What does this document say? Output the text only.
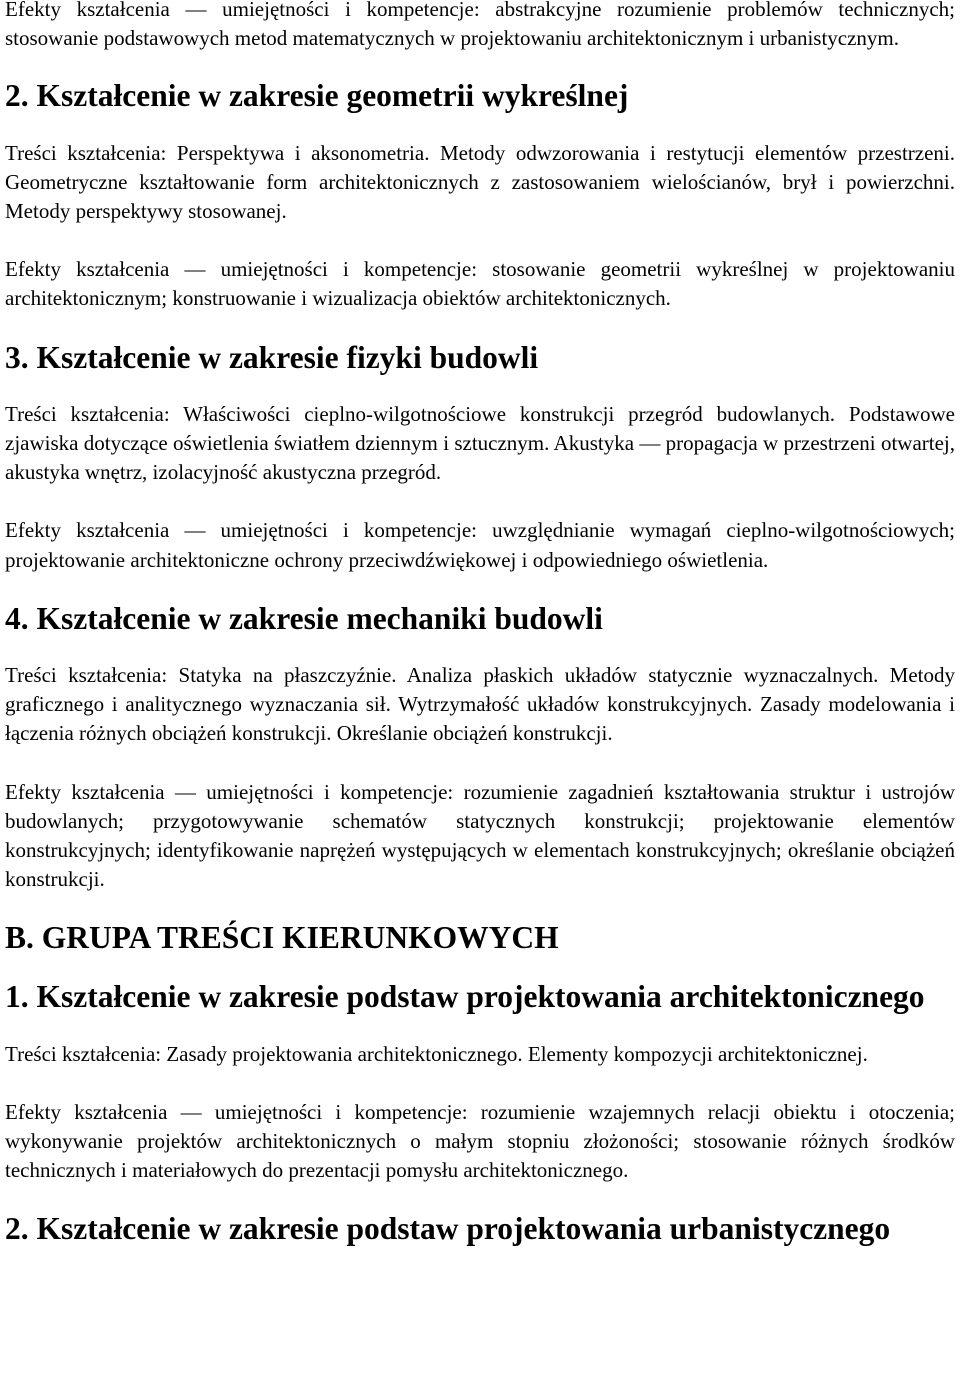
Efekty kształcenia — umiejętności i kompetencje: abstrakcyjne rozumienie problemów technicznych; stosowanie podstawowych metod matematycznych w projektowaniu architektonicznym i urbanistycznym.

2. Kształcenie w zakresie geometrii wykreślnej

Treści kształcenia: Perspektywa i aksonometria. Metody odwzorowania i restytucji elementów przestrzeni. Geometryczne kształtowanie form architektonicznych z zastosowaniem wielościanów, brył i powierzchni. Metody perspektywy stosowanej.

Efekty kształcenia — umiejętności i kompetencje: stosowanie geometrii wykreślnej w projektowaniu architektonicznym; konstruowanie i wizualizacja obiektów architektonicznych.

3. Kształcenie w zakresie fizyki budowli

Treści kształcenia: Właściwości cieplno-wilgotnościowe konstrukcji przegród budowlanych. Podstawowe zjawiska dotyczące oświetlenia światłem dziennym i sztucznym. Akustyka — propagacja w przestrzeni otwartej, akustyka wnętrz, izolacyjność akustyczna przegród.

Efekty kształcenia — umiejętności i kompetencje: uwzględnianie wymagań cieplno-wilgotnościowych; projektowanie architektoniczne ochrony przeciwdźwiękowej i odpowiedniego oświetlenia.

4. Kształcenie w zakresie mechaniki budowli

Treści kształcenia: Statyka na płaszczyźnie. Analiza płaskich układów statycznie wyznaczalnych. Metody graficznego i analitycznego wyznaczania sił. Wytrzymałość układów konstrukcyjnych. Zasady modelowania i łączenia różnych obciążeń konstrukcji. Określanie obciążeń konstrukcji.

Efekty kształcenia — umiejętności i kompetencje: rozumienie zagadnień kształtowania struktur i ustrojów budowlanych; przygotowywanie schematów statycznych konstrukcji; projektowanie elementów konstrukcyjnych; identyfikowanie naprężeń występujących w elementach konstrukcyjnych; określanie obciążeń konstrukcji.

B. GRUPA TREŚCI KIERUNKOWYCH
1. Kształcenie w zakresie podstaw projektowania architektonicznego

Treści kształcenia: Zasady projektowania architektonicznego. Elementy kompozycji architektonicznej.

Efekty kształcenia — umiejętności i kompetencje: rozumienie wzajemnych relacji obiektu i otoczenia; wykonywanie projektów architektonicznych o małym stopniu złożoności; stosowanie różnych środków technicznych i materiałowych do prezentacji pomysłu architektonicznego.

2. Kształcenie w zakresie podstaw projektowania urbanistycznego
